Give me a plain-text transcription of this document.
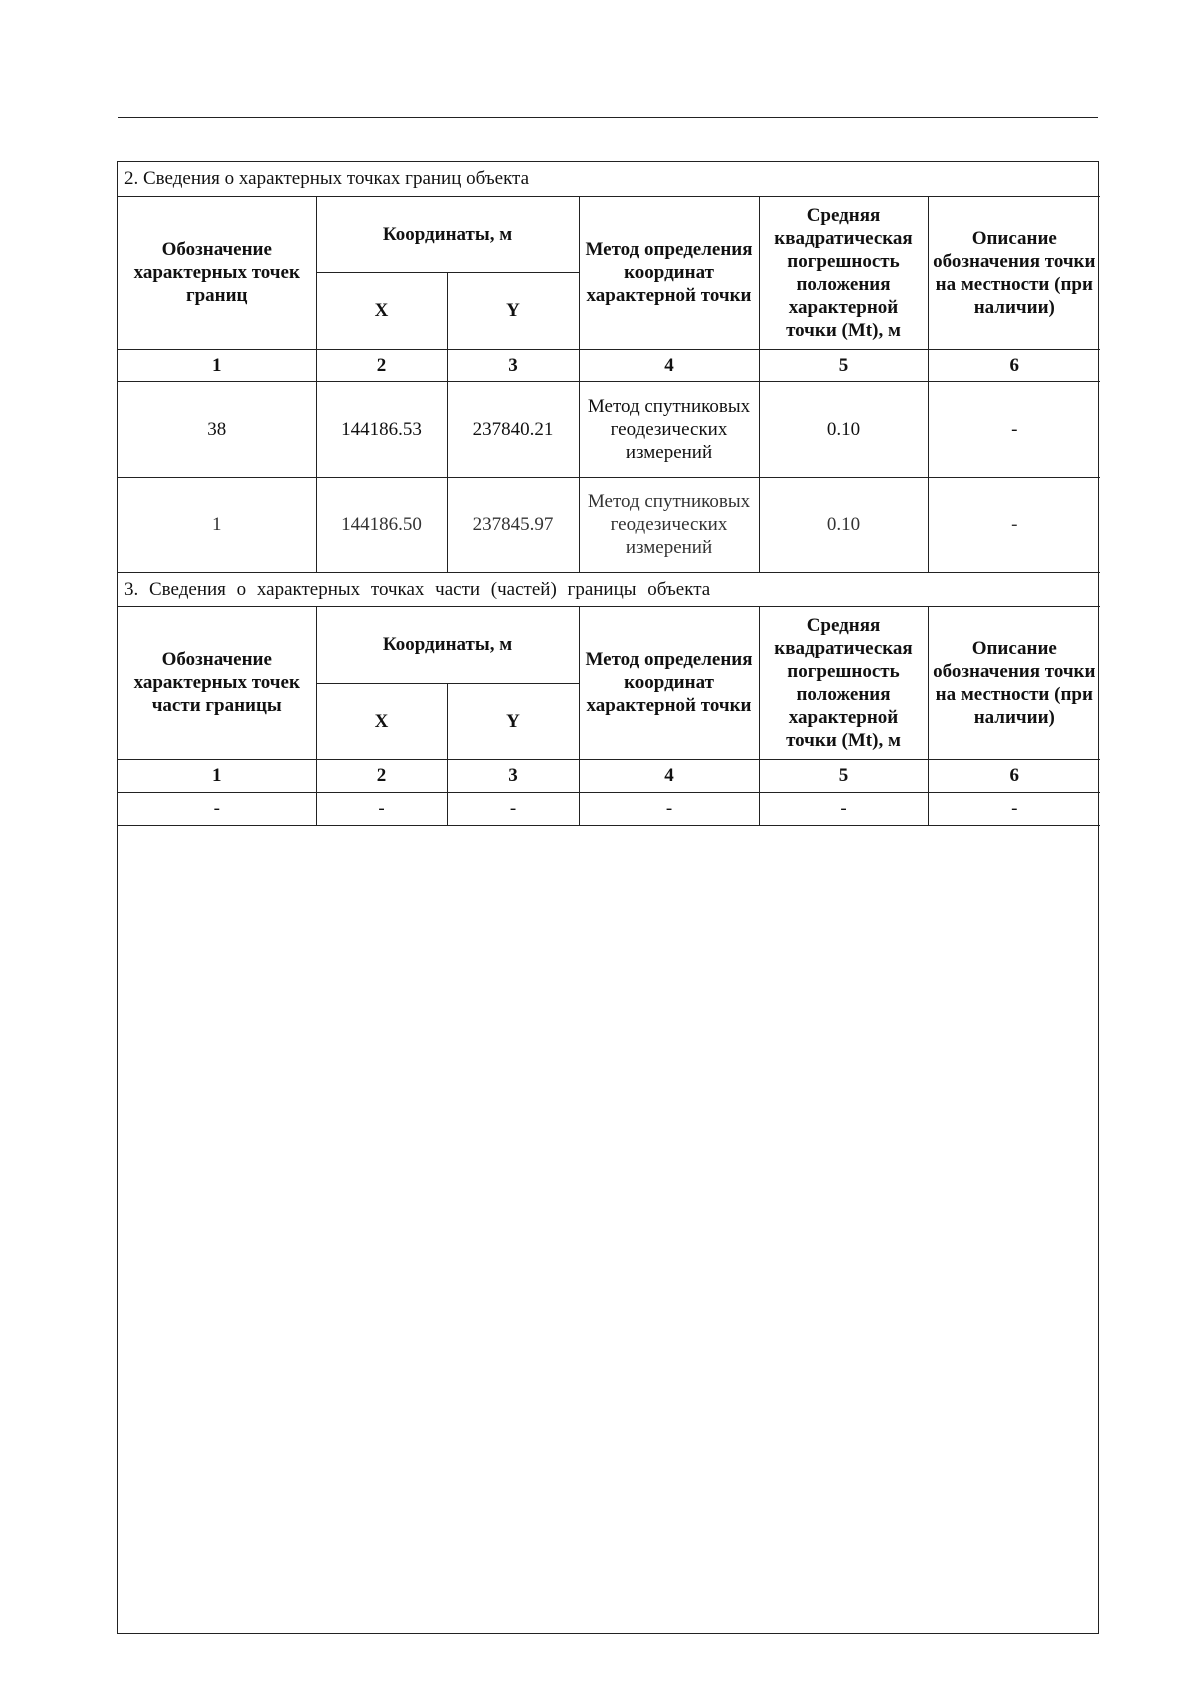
2. Сведения о характерных точках границ объекта					
Обозначение характерных точек границ	Координаты, м		Метод определения координат характерной точки	Средняя квадратическая погрешность положения характерной точки (Mt), м	Описание обозначения точки на местности (при наличии)
	X	Y			
1	2	3	4	5	6
38	144186.53	237840.21	Метод спутниковых геодезических измерений	0.10	-
1	144186.50	237845.97	Метод спутниковых геодезических измерений	0.10	-
3. Сведения о характерных точках части (частей) границы объекта					
Обозначение характерных точек части границы	Координаты, м		Метод определения координат характерной точки	Средняя квадратическая погрешность положения характерной точки (Mt), м	Описание обозначения точки на местности (при наличии)
	X	Y			
1	2	3	4	5	6
-	-	-	-	-	-
